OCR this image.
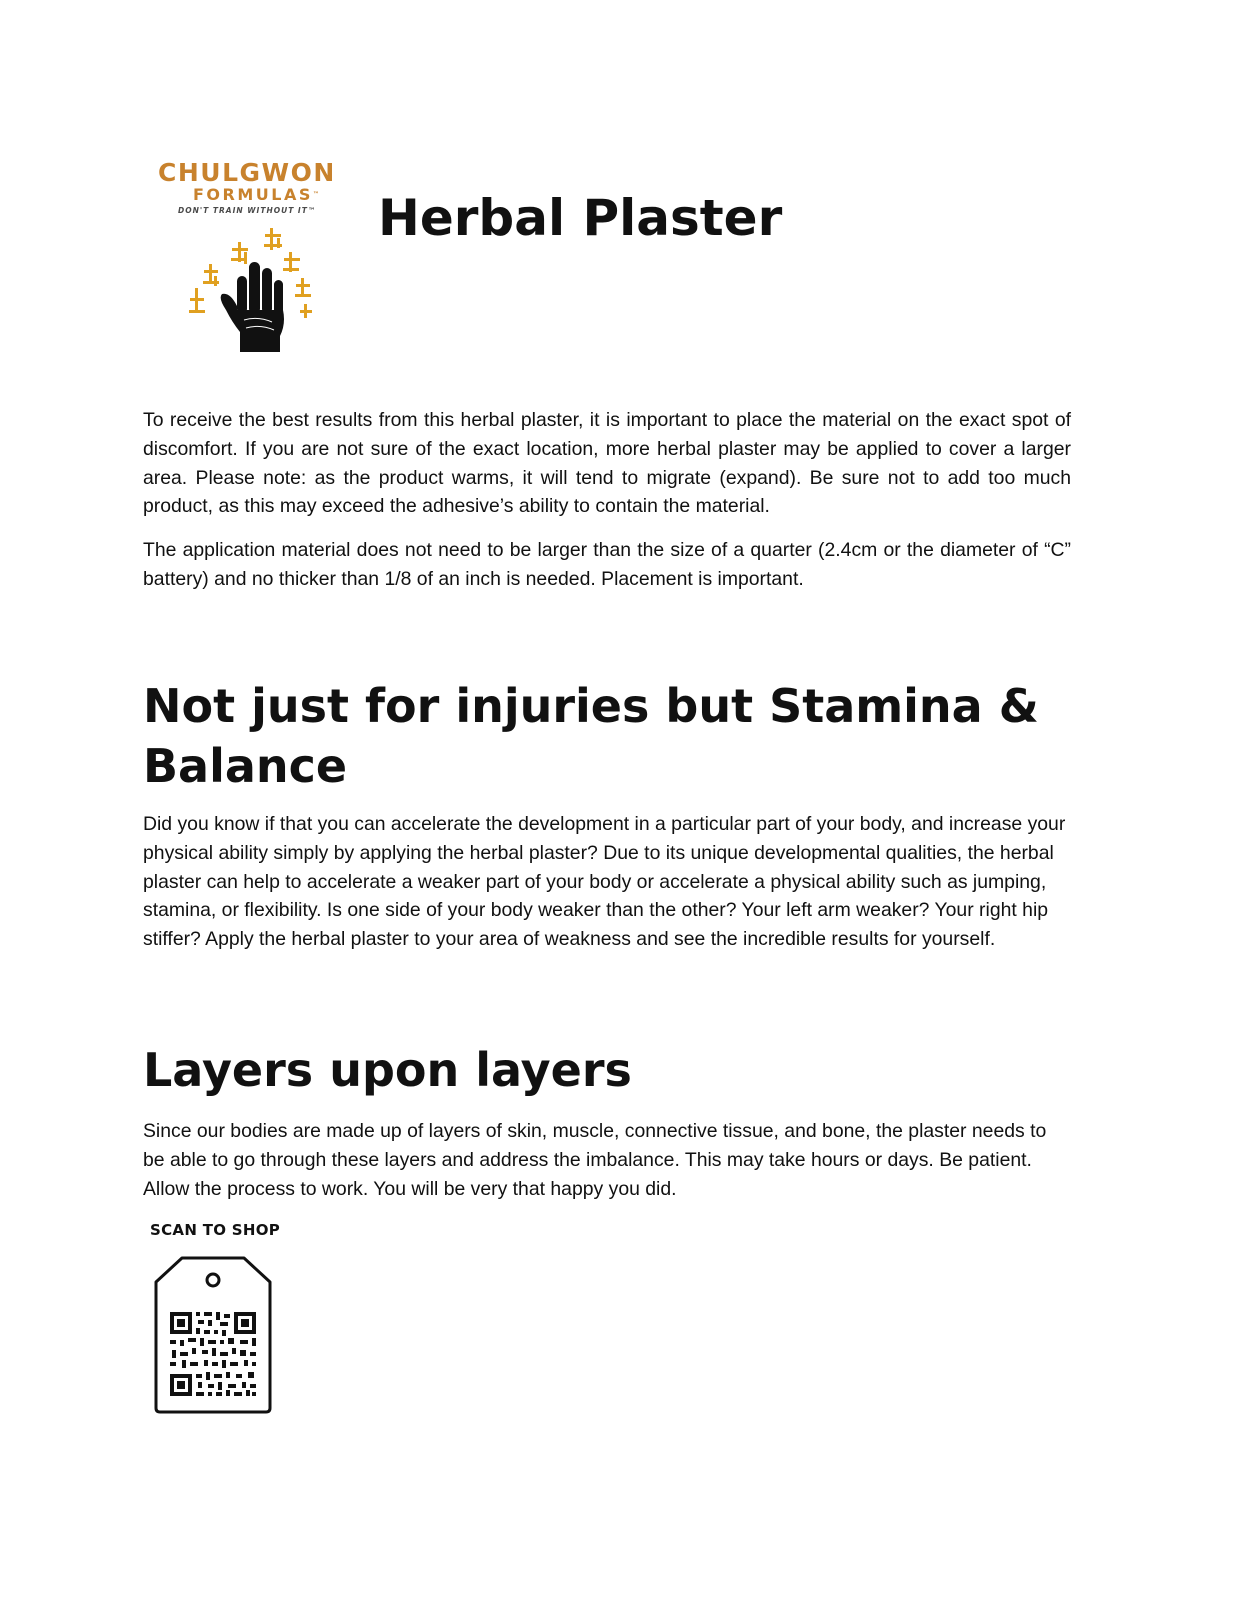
CHULGWON
FORMULAS™
DON'T TRAIN WITHOUT IT™	Herbal Plaster
To receive the best results from this herbal plaster, it is important to place the material on the exact spot of discomfort. If you are not sure of the exact location, more herbal plaster may be applied to cover a larger area. Please note: as the product warms, it will tend to migrate (expand). Be sure not to add too much product, as this may exceed the adhesive’s ability to contain the material.
The application material does not need to be larger than the size of a quarter (2.4cm or the diameter of “C” battery) and no thicker than 1/8 of an inch is needed. Placement is important.
Not just for injuries but Stamina & Balance
Did you know if that you can accelerate the development in a particular part of your body, and increase your physical ability simply by applying the herbal plaster? Due to its unique developmental qualities, the herbal plaster can help to accelerate a weaker part of your body or accelerate a physical ability such as jumping, stamina, or flexibility. Is one side of your body weaker than the other? Your left arm weaker? Your right hip stiffer? Apply the herbal plaster to your area of weakness and see the incredible results for yourself.
Layers upon layers
Since our bodies are made up of layers of skin, muscle, connective tissue, and bone, the plaster needs to be able to go through these layers and address the imbalance. This may take hours or days. Be patient. Allow the process to work. You will be very that happy you did.
SCAN TO SHOP
